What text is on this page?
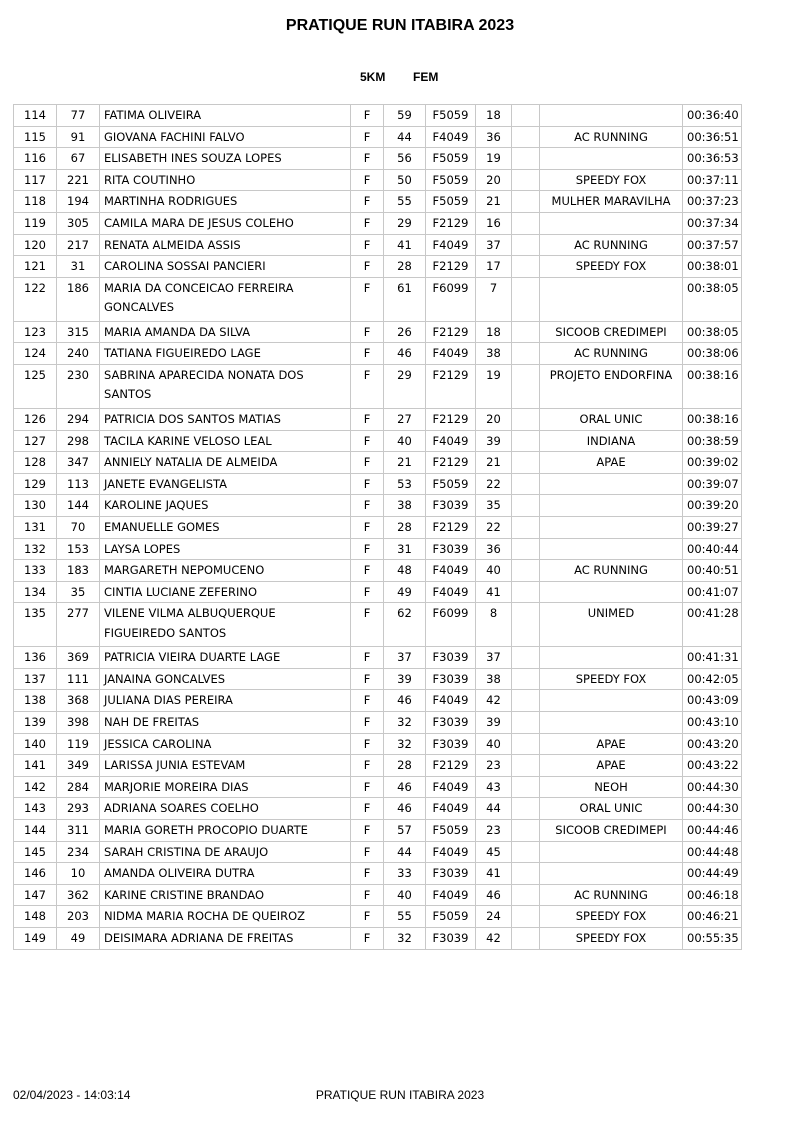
PRATIQUE RUN ITABIRA 2023
5KM FEM
114	77	FATIMA OLIVEIRA	F	59	F5059	18			00:36:40
115	91	GIOVANA FACHINI FALVO	F	44	F4049	36		AC RUNNING	00:36:51
116	67	ELISABETH INES SOUZA LOPES	F	56	F5059	19			00:36:53
117	221	RITA COUTINHO	F	50	F5059	20		SPEEDY FOX	00:37:11
118	194	MARTINHA RODRIGUES	F	55	F5059	21		MULHER MARAVILHA	00:37:23
119	305	CAMILA MARA DE JESUS COLEHO	F	29	F2129	16			00:37:34
120	217	RENATA ALMEIDA ASSIS	F	41	F4049	37		AC RUNNING	00:37:57
121	31	CAROLINA SOSSAI PANCIERI	F	28	F2129	17		SPEEDY FOX	00:38:01
122	186	MARIA DA CONCEICAO FERREIRA GONCALVES	F	61	F6099	7			00:38:05
123	315	MARIA AMANDA DA SILVA	F	26	F2129	18		SICOOB CREDIMEPI	00:38:05
124	240	TATIANA FIGUEIREDO LAGE	F	46	F4049	38		AC RUNNING	00:38:06
125	230	SABRINA APARECIDA NONATA DOS SANTOS	F	29	F2129	19		PROJETO ENDORFINA	00:38:16
126	294	PATRICIA DOS SANTOS MATIAS	F	27	F2129	20		ORAL UNIC	00:38:16
127	298	TACILA KARINE VELOSO LEAL	F	40	F4049	39		INDIANA	00:38:59
128	347	ANNIELY NATALIA DE ALMEIDA	F	21	F2129	21		APAE	00:39:02
129	113	JANETE EVANGELISTA	F	53	F5059	22			00:39:07
130	144	KAROLINE JAQUES	F	38	F3039	35			00:39:20
131	70	EMANUELLE GOMES	F	28	F2129	22			00:39:27
132	153	LAYSA LOPES	F	31	F3039	36			00:40:44
133	183	MARGARETH NEPOMUCENO	F	48	F4049	40		AC RUNNING	00:40:51
134	35	CINTIA LUCIANE ZEFERINO	F	49	F4049	41			00:41:07
135	277	VILENE VILMA ALBUQUERQUE FIGUEIREDO SANTOS	F	62	F6099	8		UNIMED	00:41:28
136	369	PATRICIA VIEIRA DUARTE LAGE	F	37	F3039	37			00:41:31
137	111	JANAINA GONCALVES	F	39	F3039	38		SPEEDY FOX	00:42:05
138	368	JULIANA DIAS PEREIRA	F	46	F4049	42			00:43:09
139	398	NAH DE FREITAS	F	32	F3039	39			00:43:10
140	119	JESSICA CAROLINA	F	32	F3039	40		APAE	00:43:20
141	349	LARISSA JUNIA ESTEVAM	F	28	F2129	23		APAE	00:43:22
142	284	MARJORIE MOREIRA DIAS	F	46	F4049	43		NEOH	00:44:30
143	293	ADRIANA SOARES COELHO	F	46	F4049	44		ORAL UNIC	00:44:30
144	311	MARIA GORETH PROCOPIO DUARTE	F	57	F5059	23		SICOOB CREDIMEPI	00:44:46
145	234	SARAH CRISTINA DE ARAUJO	F	44	F4049	45			00:44:48
146	10	AMANDA OLIVEIRA DUTRA	F	33	F3039	41			00:44:49
147	362	KARINE CRISTINE BRANDAO	F	40	F4049	46		AC RUNNING	00:46:18
148	203	NIDMA MARIA ROCHA DE QUEIROZ	F	55	F5059	24		SPEEDY FOX	00:46:21
149	49	DEISIMARA ADRIANA DE FREITAS	F	32	F3039	42		SPEEDY FOX	00:55:35
02/04/2023 - 14:03:14	PRATIQUE RUN ITABIRA 2023
